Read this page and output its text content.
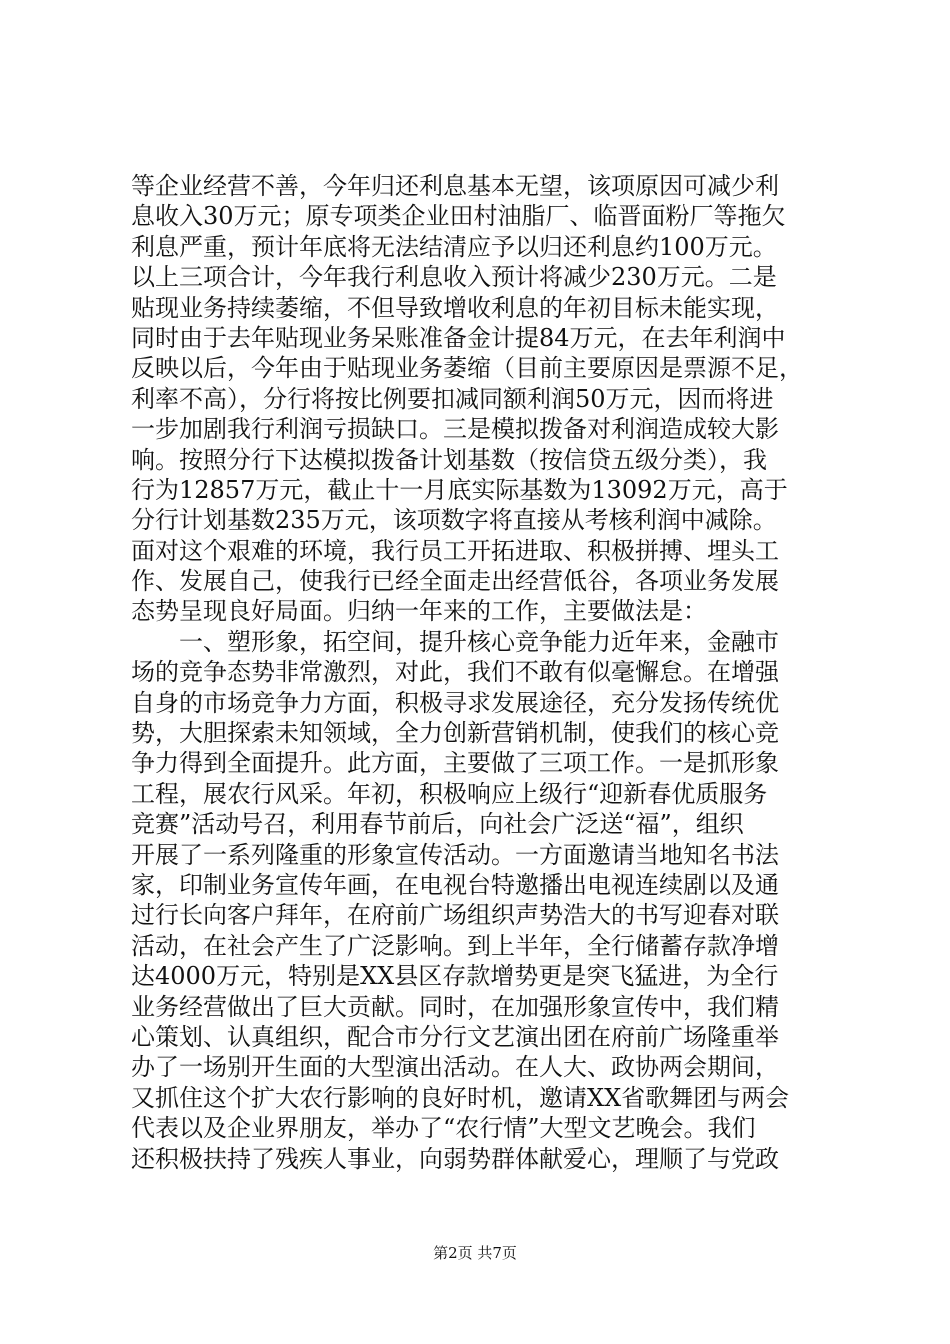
等企业经营不善，今年归还利息基本无望，该项原因可减少利
息收入30万元；原专项类企业田村油脂厂、临晋面粉厂等拖欠
利息严重，预计年底将无法结清应予以归还利息约100万元。
以上三项合计，今年我行利息收入预计将减少230万元。二是
贴现业务持续萎缩，不但导致增收利息的年初目标未能实现，
同时由于去年贴现业务呆账准备金计提84万元，在去年利润中
反映以后，今年由于贴现业务萎缩（目前主要原因是票源不足，
利率不高），分行将按比例要扣减同额利润50万元，因而将进
一步加剧我行利润亏损缺口。三是模拟拨备对利润造成较大影
响。按照分行下达模拟拨备计划基数（按信贷五级分类），我
行为12857万元，截止十一月底实际基数为13092万元，高于
分行计划基数235万元，该项数字将直接从考核利润中减除。
面对这个艰难的环境，我行员工开拓进取、积极拼搏、埋头工
作、发展自己，使我行已经全面走出经营低谷，各项业务发展
态势呈现良好局面。归纳一年来的工作，主要做法是：
一、塑形象，拓空间，提升核心竞争能力近年来，金融市
场的竞争态势非常激烈，对此，我们不敢有似毫懈怠。在增强
自身的市场竞争力方面，积极寻求发展途径，充分发扬传统优
势，大胆探索未知领域，全力创新营销机制，使我们的核心竞
争力得到全面提升。此方面，主要做了三项工作。一是抓形象
工程，展农行风采。年初，积极响应上级行“迎新春优质服务
竞赛”活动号召，利用春节前后，向社会广泛送“福”，组织
开展了一系列隆重的形象宣传活动。一方面邀请当地知名书法
家，印制业务宣传年画，在电视台特邀播出电视连续剧以及通
过行长向客户拜年，在府前广场组织声势浩大的书写迎春对联
活动，在社会产生了广泛影响。到上半年，全行储蓄存款净增
达4000万元，特别是XX县区存款增势更是突飞猛进，为全行
业务经营做出了巨大贡献。同时，在加强形象宣传中，我们精
心策划、认真组织，配合市分行文艺演出团在府前广场隆重举
办了一场别开生面的大型演出活动。在人大、政协两会期间，
又抓住这个扩大农行影响的良好时机，邀请XX省歌舞团与两会
代表以及企业界朋友，举办了“农行情”大型文艺晚会。我们
还积极扶持了残疾人事业，向弱势群体献爱心，理顺了与党政
第2页 共7页
